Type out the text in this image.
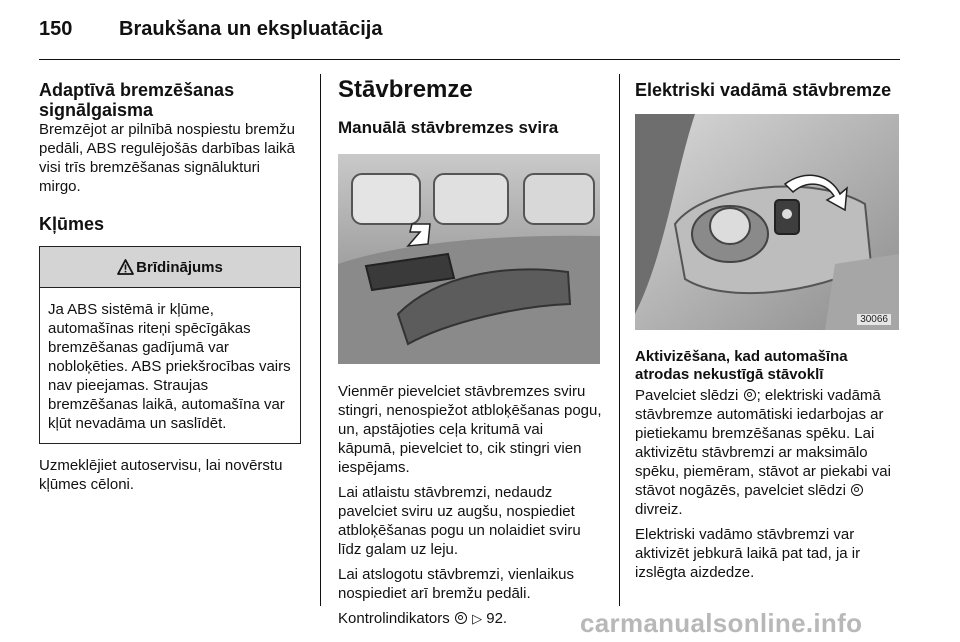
150 Braukšana un ekspluatācija

Adaptīvā bremzēšanas signālgaisma

Bremzējot ar pilnībā nospiestu bremžu pedāli, ABS regulējošās darbības laikā visi trīs bremzēšanas signālukturi mirgo.

Kļūmes

Brīdinājums
Ja ABS sistēmā ir kļūme, automašīnas riteņi spēcīgākas bremzēšanas gadījumā var nobloķēties. ABS priekšrocības vairs nav pieejamas. Straujas bremzēšanas laikā, automašīna var kļūt nevadāma un saslīdēt.

Uzmeklējiet autoservisu, lai novērstu kļūmes cēloni.

Stāvbremze

Manuālā stāvbremzes svira

Vienmēr pievelciet stāvbremzes sviru stingri, nenospiežot atbloķēšanas pogu, un, apstājoties ceļa kritumā vai kāpumā, pievelciet to, cik stingri vien iespējams.

Lai atlaistu stāvbremzi, nedaudz pavelciet sviru uz augšu, nospiediet atbloķēšanas pogu un nolaidiet sviru līdz galam uz leju.

Lai atslogotu stāvbremzi, vienlaikus nospiediet arī bremžu pedāli.

Kontrolindikators ▷ 92.

Elektriski vadāmā stāvbremze

30066

Aktivizēšana, kad automašīna atrodas nekustīgā stāvoklī

Pavelciet slēdzi ; elektriski vadāmā stāvbremze automātiski iedarbojas ar pietiekamu bremzēšanas spēku. Lai aktivizētu stāvbremzi ar maksimālo spēku, piemēram, stāvot ar piekabi vai stāvot nogāzēs, pavelciet slēdzi  divreiz.

Elektriski vadāmo stāvbremzi var aktivizēt jebkurā laikā pat tad, ja ir izslēgta aizdedze.

carmanualsonline.info
